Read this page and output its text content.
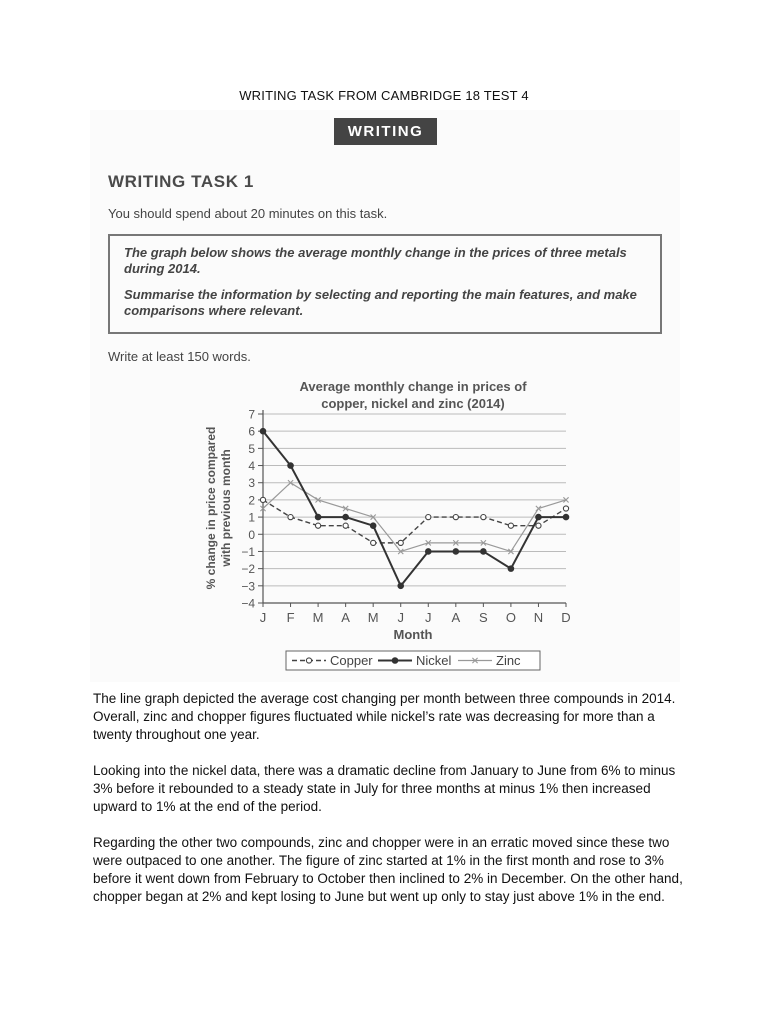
WRITING TASK FROM CAMBRIDGE 18 TEST 4
WRITING
WRITING TASK 1
You should spend about 20 minutes on this task.

The graph below shows the average monthly change in the prices of three metals during 2014.

Summarise the information by selecting and reporting the main features, and make comparisons where relevant.

Write at least 150 words.
Average monthly change in prices of
copper, nickel and zinc (2014)
% change in price compared with previous month
7
6
5
4
3
2
1
0
−1
−2
−3
−4
J F M A M J J A S O N D
Month
Copper	Nickel	Zinc

The line graph depicted the average cost changing per month between three compounds in 2014. Overall, zinc and chopper figures fluctuated while nickel’s rate was decreasing for more than a twenty throughout one year.

Looking into the nickel data, there was a dramatic decline from January to June from 6% to minus 3% before it rebounded to a steady state in July for three months at minus 1% then increased upward to 1% at the end of the period.

Regarding the other two compounds, zinc and chopper were in an erratic moved since these two were outpaced to one another. The figure of zinc started at 1% in the first month and rose to 3% before it went down from February to October then inclined to 2% in December. On the other hand, chopper began at 2% and kept losing to June but went up only to stay just above 1% in the end.
